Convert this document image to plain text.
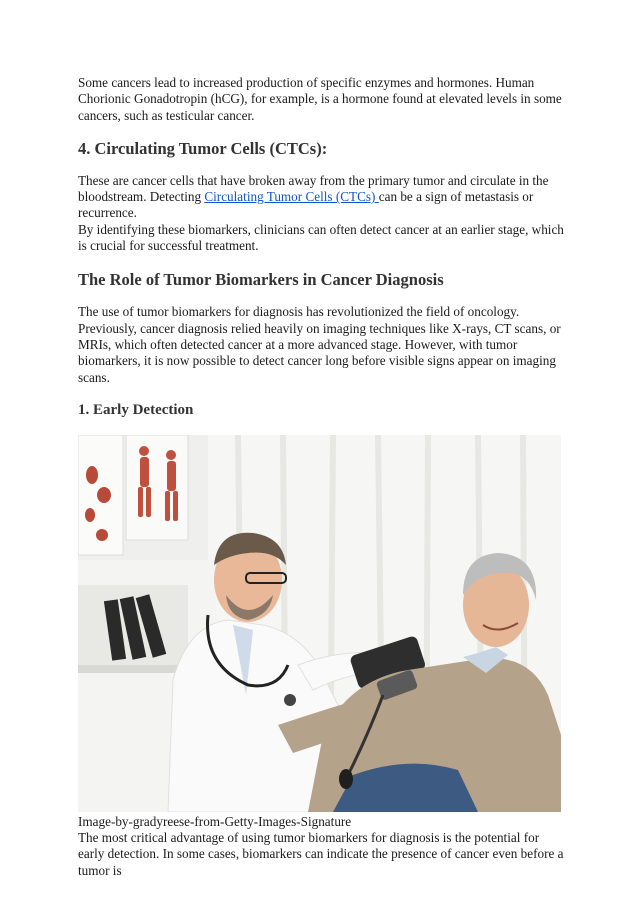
Some cancers lead to increased production of specific enzymes and hormones. Human Chorionic Gonadotropin (hCG), for example, is a hormone found at elevated levels in some cancers, such as testicular cancer.

4. Circulating Tumor Cells (CTCs):

These are cancer cells that have broken away from the primary tumor and circulate in the bloodstream. Detecting Circulating Tumor Cells (CTCs) can be a sign of metastasis or recurrence.

By identifying these biomarkers, clinicians can often detect cancer at an earlier stage, which is crucial for successful treatment.

The Role of Tumor Biomarkers in Cancer Diagnosis

The use of tumor biomarkers for diagnosis has revolutionized the field of oncology. Previously, cancer diagnosis relied heavily on imaging techniques like X-rays, CT scans, or MRIs, which often detected cancer at a more advanced stage. However, with tumor biomarkers, it is now possible to detect cancer long before visible signs appear on imaging scans.

1. Early Detection

Image-by-gradyreese-from-Getty-Images-Signature

The most critical advantage of using tumor biomarkers for diagnosis is the potential for early detection. In some cases, biomarkers can indicate the presence of cancer even before a tumor is
